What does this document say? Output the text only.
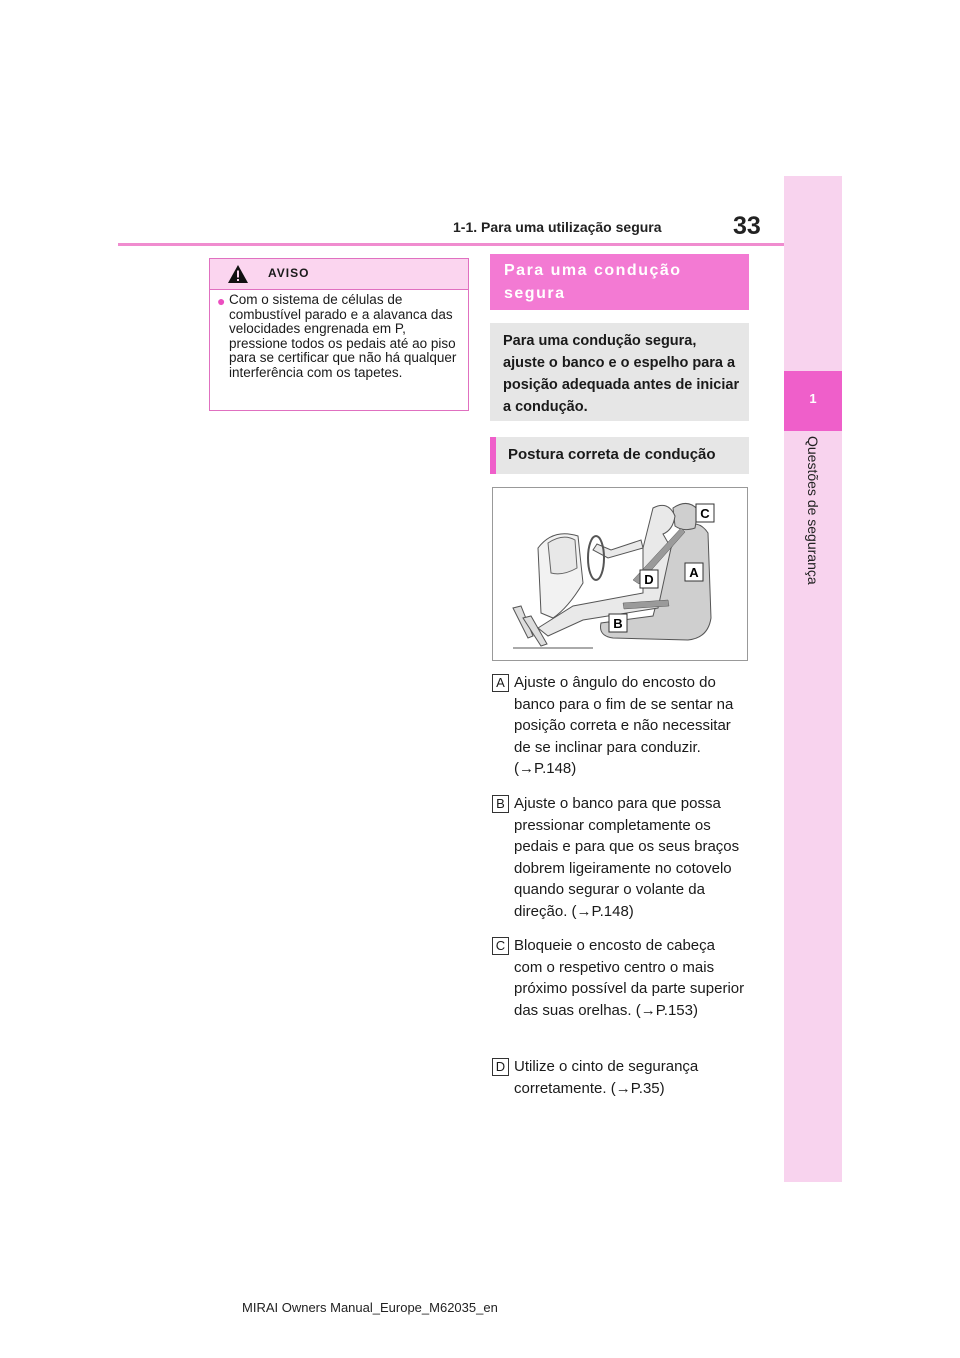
1-1. Para uma utilização segura	33
1
Questões de segurança
AVISO
● Com o sistema de células de combustível parado e a alavanca das velocidades engrenada em P, pressione todos os pedais até ao piso para se certificar que não há qualquer interferência com os tapetes.
Para uma condução segura
Para uma condução segura, ajuste o banco e o espelho para a posição adequada antes de iniciar a condução.
Postura correta de condução
C
A
D
B
A Ajuste o ângulo do encosto do banco para o fim de se sentar na posição correta e não necessitar de se inclinar para conduzir. (→P.148)
B Ajuste o banco para que possa pressionar completamente os pedais e para que os seus braços dobrem ligeiramente no cotovelo quando segurar o volante da direção. (→P.148)
C Bloqueie o encosto de cabeça com o respetivo centro o mais próximo possível da parte superior das suas orelhas. (→P.153)
D Utilize o cinto de segurança corretamente. (→P.35)
MIRAI Owners Manual_Europe_M62035_en
